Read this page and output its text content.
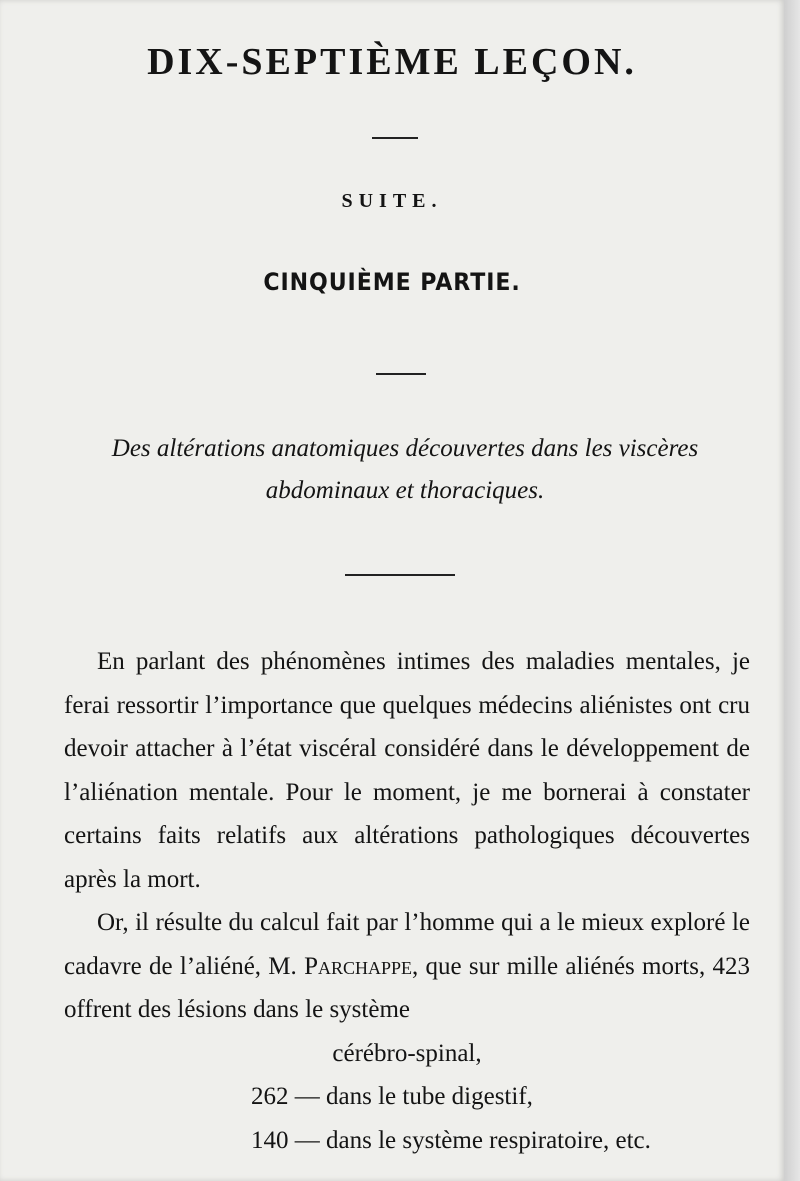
DIX-SEPTIÈME LEÇON.
SUITE.
CINQUIÈME PARTIE.
Des altérations anatomiques découvertes dans les viscères
abdominaux et thoraciques.

En parlant des phénomènes intimes des maladies mentales, je ferai ressortir l’importance que quelques médecins aliénistes ont cru devoir attacher à l’état viscéral considéré dans le développement de l’aliénation mentale. Pour le moment, je me bornerai à constater certains faits relatifs aux altérations pathologiques découvertes après la mort.

Or, il résulte du calcul fait par l’homme qui a le mieux exploré le cadavre de l’aliéné, M. Parchappe, que sur mille aliénés morts, 423 offrent des lésions dans le système

cérébro-spinal,

262 — dans le tube digestif,

140 — dans le système respiratoire, etc.
